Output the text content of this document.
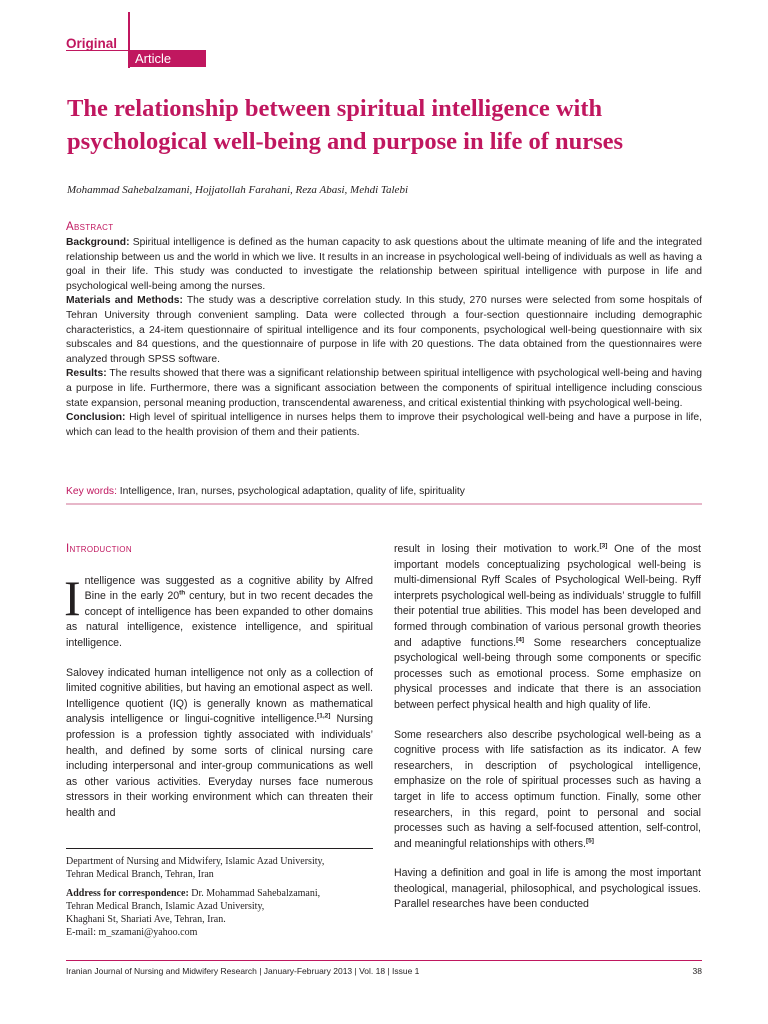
Original
Article
The relationship between spiritual intelligence with psychological well-being and purpose in life of nurses
Mohammad Sahebalzamani, Hojjatollah Farahani, Reza Abasi, Mehdi Talebi
Abstract

Background: Spiritual intelligence is defined as the human capacity to ask questions about the ultimate meaning of life and the integrated relationship between us and the world in which we live. It results in an increase in psychological well-being of individuals as well as having a goal in their life. This study was conducted to investigate the relationship between spiritual intelligence with purpose in life and psychological well-being among the nurses.

Materials and Methods: The study was a descriptive correlation study. In this study, 270 nurses were selected from some hospitals of Tehran University through convenient sampling. Data were collected through a four-section questionnaire including demographic characteristics, a 24-item questionnaire of spiritual intelligence and its four components, psychological well-being questionnaire with six subscales and 84 questions, and the questionnaire of purpose in life with 20 questions. The data obtained from the questionnaires were analyzed through SPSS software.

Results: The results showed that there was a significant relationship between spiritual intelligence with psychological well-being and having a purpose in life. Furthermore, there was a significant association between the components of spiritual intelligence including conscious state expansion, personal meaning production, transcendental awareness, and critical existential thinking with psychological well-being.

Conclusion: High level of spiritual intelligence in nurses helps them to improve their psychological well-being and have a purpose in life, which can lead to the health provision of them and their patients.

Key words: Intelligence, Iran, nurses, psychological adaptation, quality of life, spirituality
Introduction

Intelligence was suggested as a cognitive ability by Alfred Bine in the early 20th century, but in two recent decades the concept of intelligence has been expanded to other domains as natural intelligence, existence intelligence, and spiritual intelligence.

Salovey indicated human intelligence not only as a collection of limited cognitive abilities, but having an emotional aspect as well. Intelligence quotient (IQ) is generally known as mathematical analysis intelligence or lingui-cognitive intelligence.[1,2] Nursing profession is a profession tightly associated with individuals’ health, and defined by some sorts of clinical nursing care including interpersonal and inter-group communications as well as other various activities. Everyday nurses face numerous stressors in their working environment which can threaten their health and

Department of Nursing and Midwifery, Islamic Azad University,
Tehran Medical Branch, Tehran, Iran

Address for correspondence: Dr. Mohammad Sahebalzamani,
Tehran Medical Branch, Islamic Azad University,
Khaghani St, Shariati Ave, Tehran, Iran.
E-mail: m_szamani@yahoo.com

result in losing their motivation to work.[3] One of the most important models conceptualizing psychological well-being is multi-dimensional Ryff Scales of Psychological Well-being. Ryff interprets psychological well-being as individuals’ struggle to fulfill their potential true abilities. This model has been developed and formed through combination of various personal growth theories and adaptive functions.[4] Some researchers conceptualize psychological well-being through some components or specific processes such as emotional process. Some emphasize on physical processes and indicate that there is an association between perfect physical health and high quality of life.

Some researchers also describe psychological well-being as a cognitive process with life satisfaction as its indicator. A few researchers, in description of psychological intelligence, emphasize on the role of spiritual processes such as having a target in life to access optimum function. Finally, some other researchers, in this regard, point to personal and social processes such as having a self-focused attention, self-control, and meaningful relationships with others.[5]

Having a definition and goal in life is among the most important theological, managerial, philosophical, and psychological issues. Parallel researches have been conducted

Iranian Journal of Nursing and Midwifery Research | January-February 2013 | Vol. 18 | Issue 1	38
